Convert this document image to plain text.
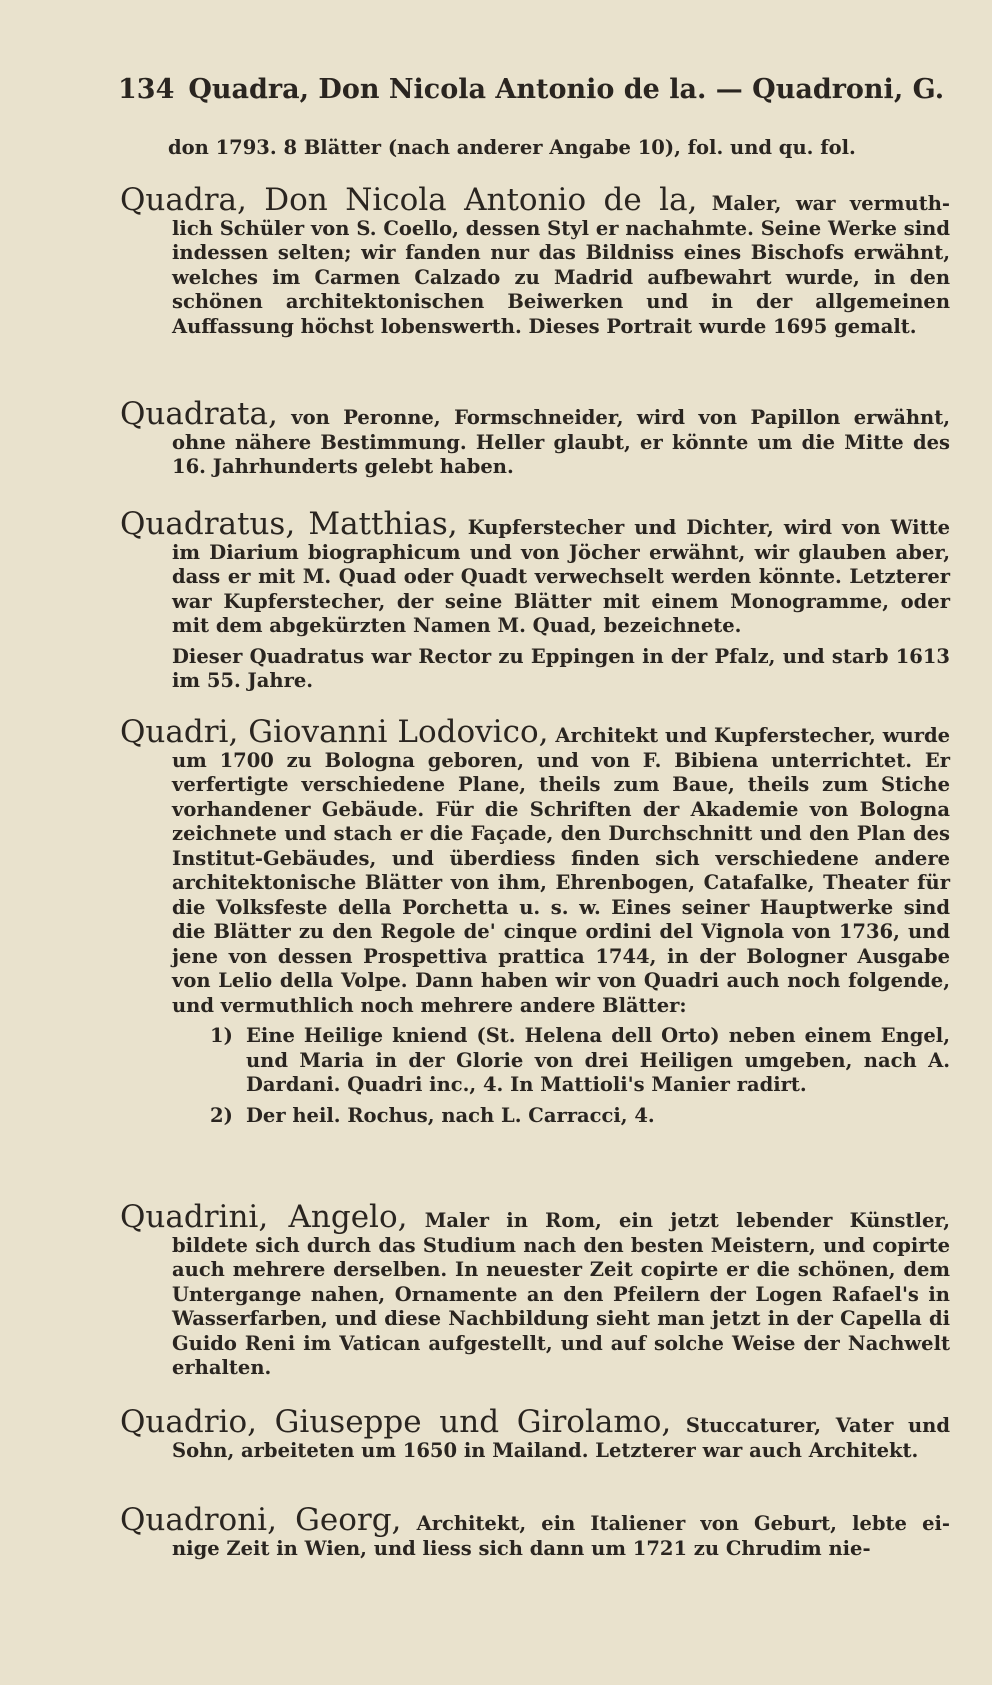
134 Quadra, Don Nicola Antonio de la. — Quadroni, G.
don 1793. 8 Blätter (nach anderer Angabe 10), fol. und qu. fol.
Quadra, Don Nicola Antonio de la, Maler, war vermuth-
lich Schüler von S. Coello, dessen Styl er nachahmte. Seine Werke sind indessen selten; wir fanden nur das Bildniss eines Bischofs erwähnt, welches im Carmen Calzado zu Madrid aufbewahrt wurde, in den schönen architektonischen Beiwerken und in der allgemeinen Auffassung höchst lobenswerth. Dieses Portrait wurde 1695 gemalt.
Quadrata, von Peronne, Formschneider, wird von Papillon erwähnt,
ohne nähere Bestimmung. Heller glaubt, er könnte um die Mitte des 16. Jahrhunderts gelebt haben.
Quadratus, Matthias, Kupferstecher und Dichter, wird von Witte
im Diarium biographicum und von Jöcher erwähnt, wir glauben aber, dass er mit M. Quad oder Quadt verwechselt werden könnte. Letzterer war Kupferstecher, der seine Blätter mit einem Monogramme, oder mit dem abgekürzten Namen M. Quad, bezeichnete.
Dieser Quadratus war Rector zu Eppingen in der Pfalz, und starb 1613 im 55. Jahre.
Quadri, Giovanni Lodovico, Architekt und Kupferstecher, wurde
um 1700 zu Bologna geboren, und von F. Bibiena unterrichtet. Er verfertigte verschiedene Plane, theils zum Baue, theils zum Stiche vorhandener Gebäude. Für die Schriften der Akademie von Bologna zeichnete und stach er die Façade, den Durchschnitt und den Plan des Institut-Gebäudes, und überdiess finden sich verschiedene andere architektonische Blätter von ihm, Ehrenbogen, Catafalke, Theater für die Volksfeste della Porchetta u. s. w. Eines seiner Hauptwerke sind die Blätter zu den Regole de' cinque ordini del Vignola von 1736, und jene von dessen Prospettiva prattica 1744, in der Bologner Ausgabe von Lelio della Volpe. Dann haben wir von Quadri auch noch folgende, und vermuthlich noch mehrere andere Blätter:
1) Eine Heilige kniend (St. Helena dell Orto) neben einem Engel, und Maria in der Glorie von drei Heiligen umgeben, nach A. Dardani. Quadri inc., 4. In Mattioli's Manier radirt.
2) Der heil. Rochus, nach L. Carracci, 4.
Quadrini, Angelo, Maler in Rom, ein jetzt lebender Künstler,
bildete sich durch das Studium nach den besten Meistern, und copirte auch mehrere derselben. In neuester Zeit copirte er die schönen, dem Untergange nahen, Ornamente an den Pfeilern der Logen Rafael's in Wasserfarben, und diese Nachbildung sieht man jetzt in der Capella di Guido Reni im Vatican aufgestellt, und auf solche Weise der Nachwelt erhalten.
Quadrio, Giuseppe und Girolamo, Stuccaturer, Vater und
Sohn, arbeiteten um 1650 in Mailand. Letzterer war auch Architekt.
Quadroni, Georg, Architekt, ein Italiener von Geburt, lebte ei-
nige Zeit in Wien, und liess sich dann um 1721 zu Chrudim nie-
